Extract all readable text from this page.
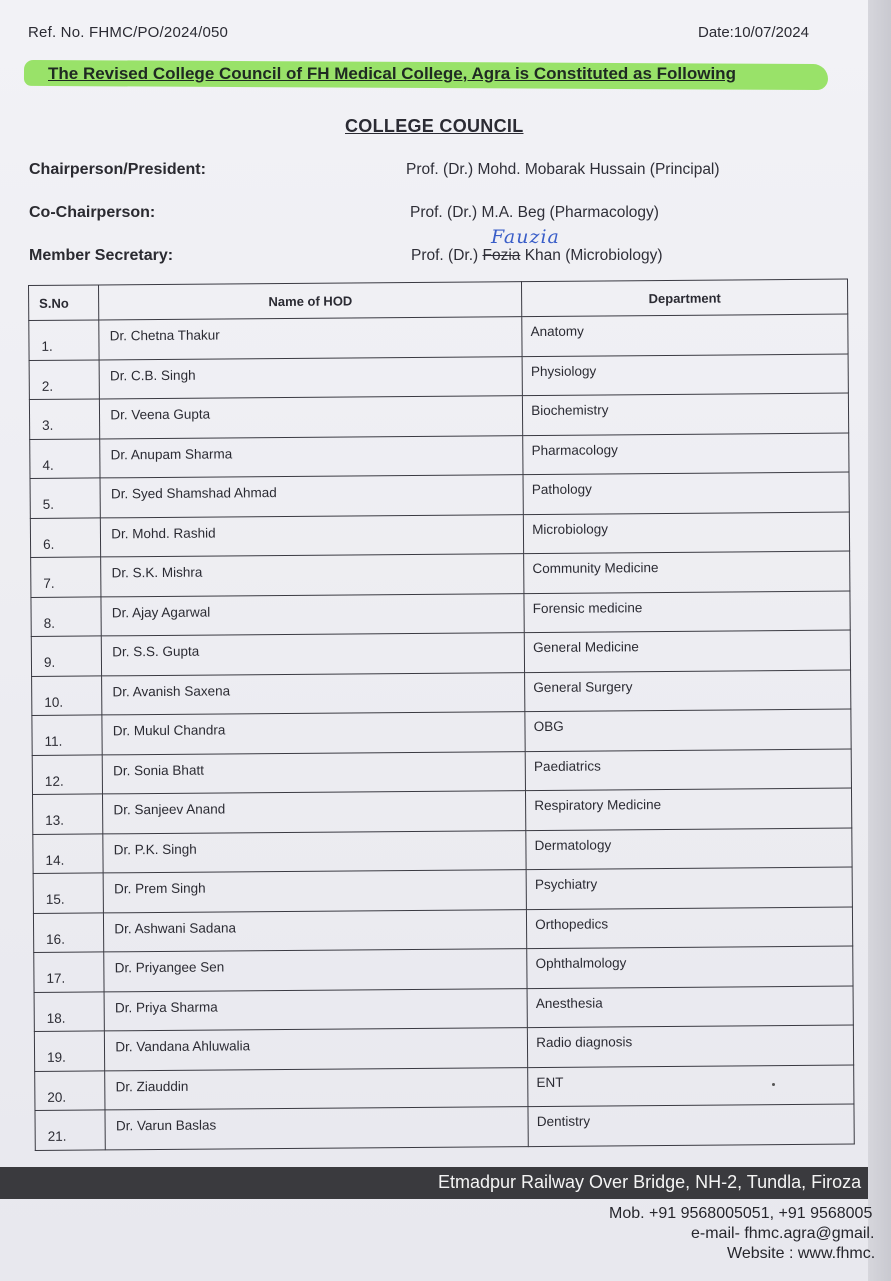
Ref. No. FHMC/PO/2024/050	Date:10/07/2024
The Revised College Council of FH Medical College, Agra is Constituted as Following
COLLEGE COUNCIL
Chairperson/President:	Prof. (Dr.) Mohd. Mobarak Hussain (Principal)
Co-Chairperson:	Prof. (Dr.) M.A. Beg (Pharmacology)
Member Secretary:	Prof. (Dr.) Fozia Khan (Microbiology)
Fauzia
S.No	Name of HOD	Department

1.	Dr. Chetna Thakur	Anatomy

2.	Dr. C.B. Singh	Physiology

3.	Dr. Veena Gupta	Biochemistry

4.	Dr. Anupam Sharma	Pharmacology

5.	Dr. Syed Shamshad Ahmad	Pathology

6.	Dr. Mohd. Rashid	Microbiology

7.	Dr. S.K. Mishra	Community Medicine

8.	Dr. Ajay Agarwal	Forensic medicine

9.	Dr. S.S. Gupta	General Medicine

10.	Dr. Avanish Saxena	General Surgery

11.	Dr. Mukul Chandra	OBG

12.	Dr. Sonia Bhatt	Paediatrics

13.	Dr. Sanjeev Anand	Respiratory Medicine

14.	Dr. P.K. Singh	Dermatology

15.	Dr. Prem Singh	Psychiatry

16.	Dr. Ashwani Sadana	Orthopedics

17.	Dr. Priyangee Sen	Ophthalmology

18.	Dr. Priya Sharma	Anesthesia

19.	Dr. Vandana Ahluwalia	Radio diagnosis

20.	Dr. Ziauddin	ENT

21.	Dr. Varun Baslas	Dentistry
Etmadpur Railway Over Bridge, NH-2, Tundla, Firoza
Mob. +91 9568005051, +91 9568005
e-mail- fhmc.agra@gmail.
Website : www.fhmc.
